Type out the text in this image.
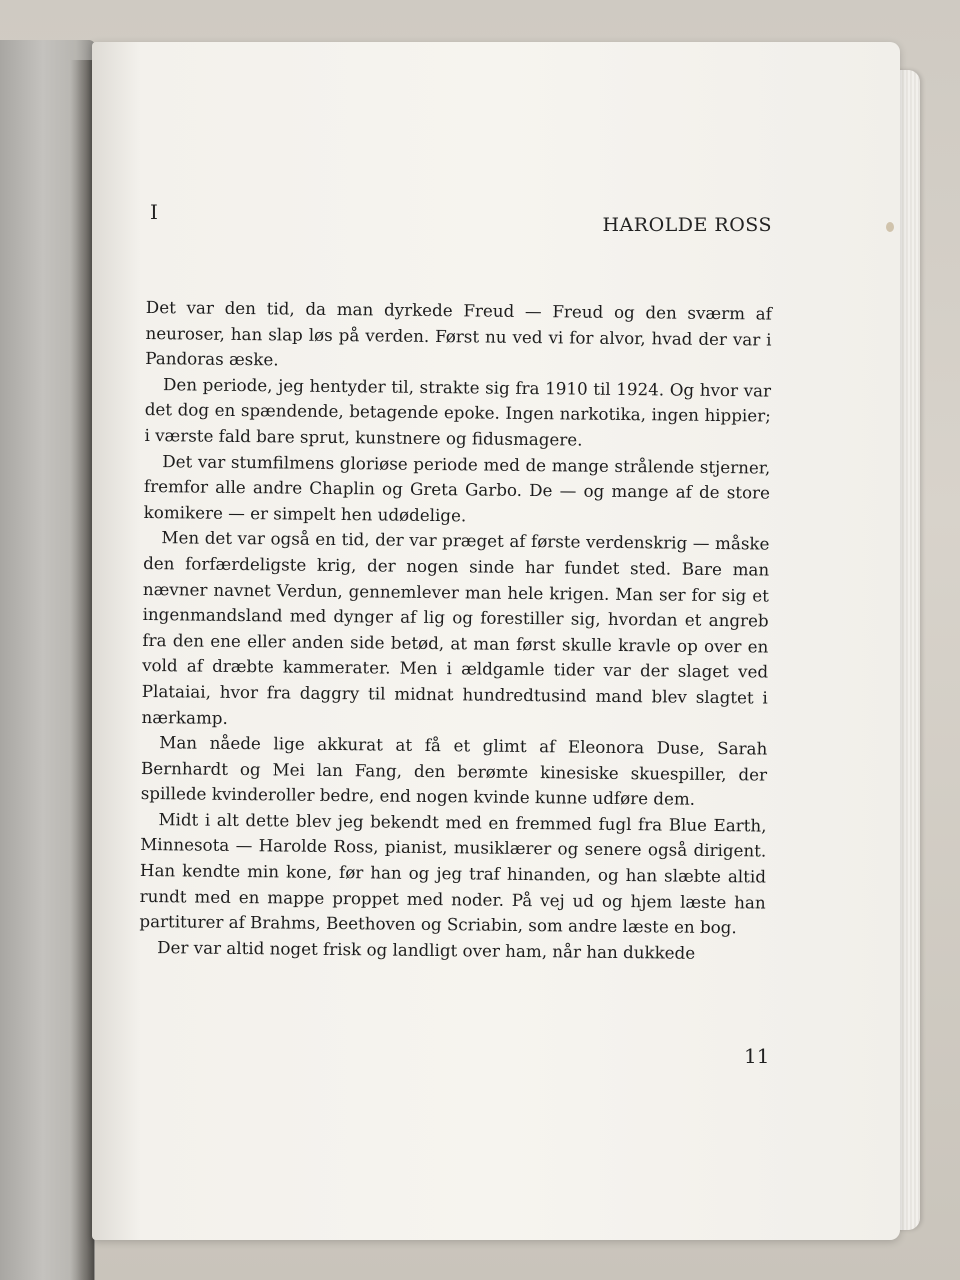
I
HAROLDE ROSS

Det var den tid, da man dyrkede Freud — Freud og den sværm af neuroser, han slap løs på verden. Først nu ved vi for alvor, hvad der var i Pandoras æske.

Den periode, jeg hentyder til, strakte sig fra 1910 til 1924. Og hvor var det dog en spændende, betagende epoke. Ingen narkotika, ingen hippier; i værste fald bare sprut, kunstnere og fidusmagere.

Det var stumfilmens gloriøse periode med de mange strålende stjerner, fremfor alle andre Chaplin og Greta Garbo. De — og mange af de store komikere — er simpelt hen udødelige.

Men det var også en tid, der var præget af første verdenskrig — måske den forfærdeligste krig, der nogen sinde har fundet sted. Bare man nævner navnet Verdun, gennemlever man hele krigen. Man ser for sig et ingenmandsland med dynger af lig og forestiller sig, hvordan et angreb fra den ene eller anden side betød, at man først skulle kravle op over en vold af dræbte kammerater. Men i ældgamle tider var der slaget ved Plataiai, hvor fra daggry til midnat hundredtusind mand blev slagtet i nærkamp.

Man nåede lige akkurat at få et glimt af Eleonora Duse, Sarah Bernhardt og Mei lan Fang, den berømte kinesiske skuespiller, der spillede kvinderoller bedre, end nogen kvinde kunne udføre dem.

Midt i alt dette blev jeg bekendt med en fremmed fugl fra Blue Earth, Minnesota — Harolde Ross, pianist, musiklærer og senere også dirigent. Han kendte min kone, før han og jeg traf hinanden, og han slæbte altid rundt med en mappe proppet med noder. På vej ud og hjem læste han partiturer af Brahms, Beethoven og Scriabin, som andre læste en bog.

Der var altid noget frisk og landligt over ham, når han dukkede

11
